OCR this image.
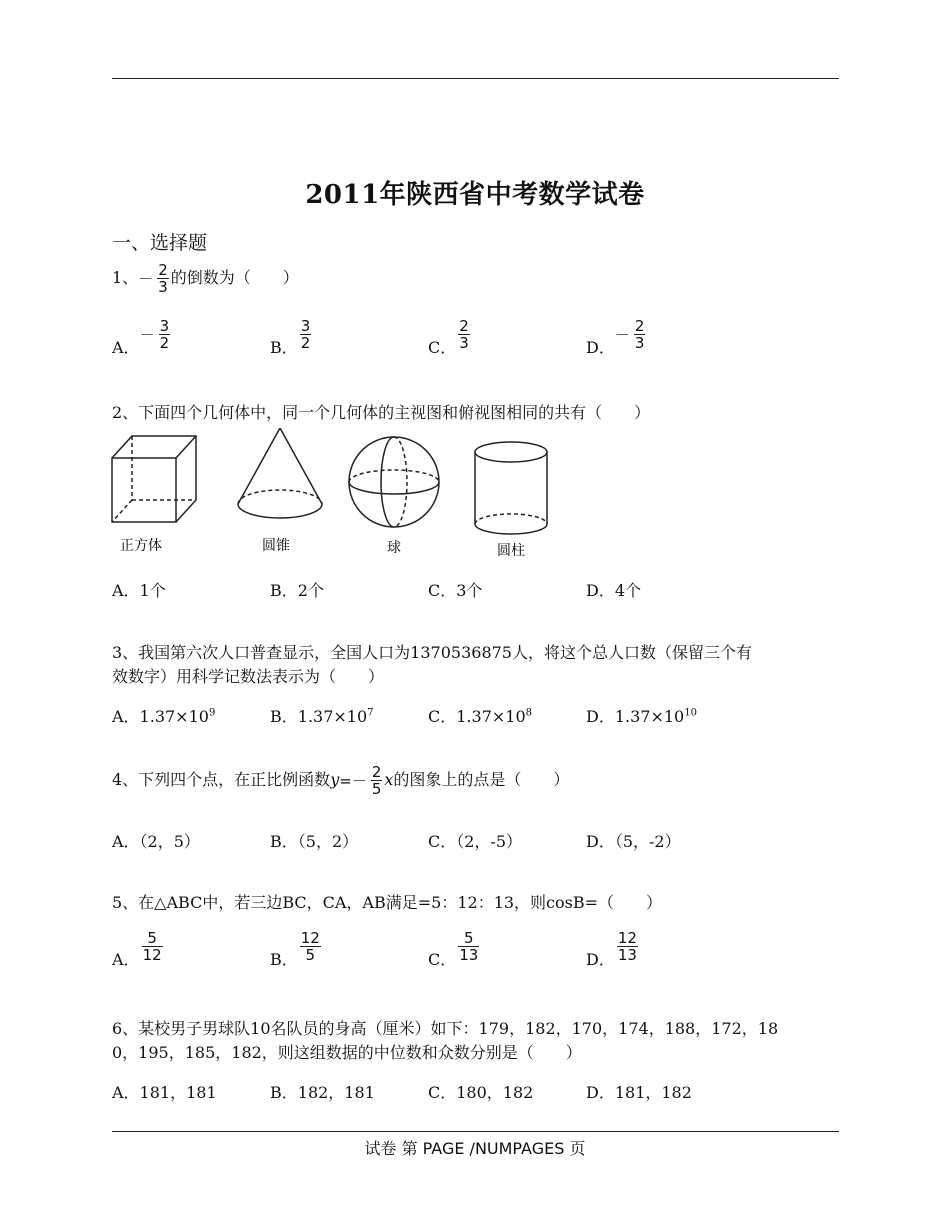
2011年陕西省中考数学试卷
一、选择题
1、－ $\frac{2}{3}$ 的倒数为（　　）
A．－ $\frac{3}{2}$	B． $\frac{3}{2}$	C． $\frac{2}{3}$	D．－ $\frac{2}{3}$
2、下面四个几何体中，同一个几何体的主视图和俯视图相同的共有（　　）
正方体	圆锥	球	圆柱
A．1个	B．2个	C．3个	D．4个
3、我国第六次人口普查显示，全国人口为1370536875人，将这个总人口数（保留三个有
效数字）用科学记数法表示为（　　）
A．$1.37\times 10^9$	B．$1.37\times 10^7$	C．$1.37\times 10^8$	D．$1.37\times 10^{10}$
4、下列四个点，在正比例函数$y=- \frac{2}{5}$ x的图象上的点是（　　）
A．（2，5）	B．（5，2）	C．（2，-5）	D．（5，-2）
5、在△ABC中，若三边BC，CA，AB满足=5：12：13，则cosB=（　　）
A． $\frac{5}{12}$	B． $\frac{12}{5}$	C． $\frac{5}{13}$	D． $\frac{12}{13}$
6、某校男子男球队10名队员的身高（厘米）如下：179，182，170，174，188，172，18
0，195，185，182，则这组数据的中位数和众数分别是（　　）
A．181，181	B．182，181	C．180，182	D．181，182
试卷 第 PAGE /NUMPAGES 页
